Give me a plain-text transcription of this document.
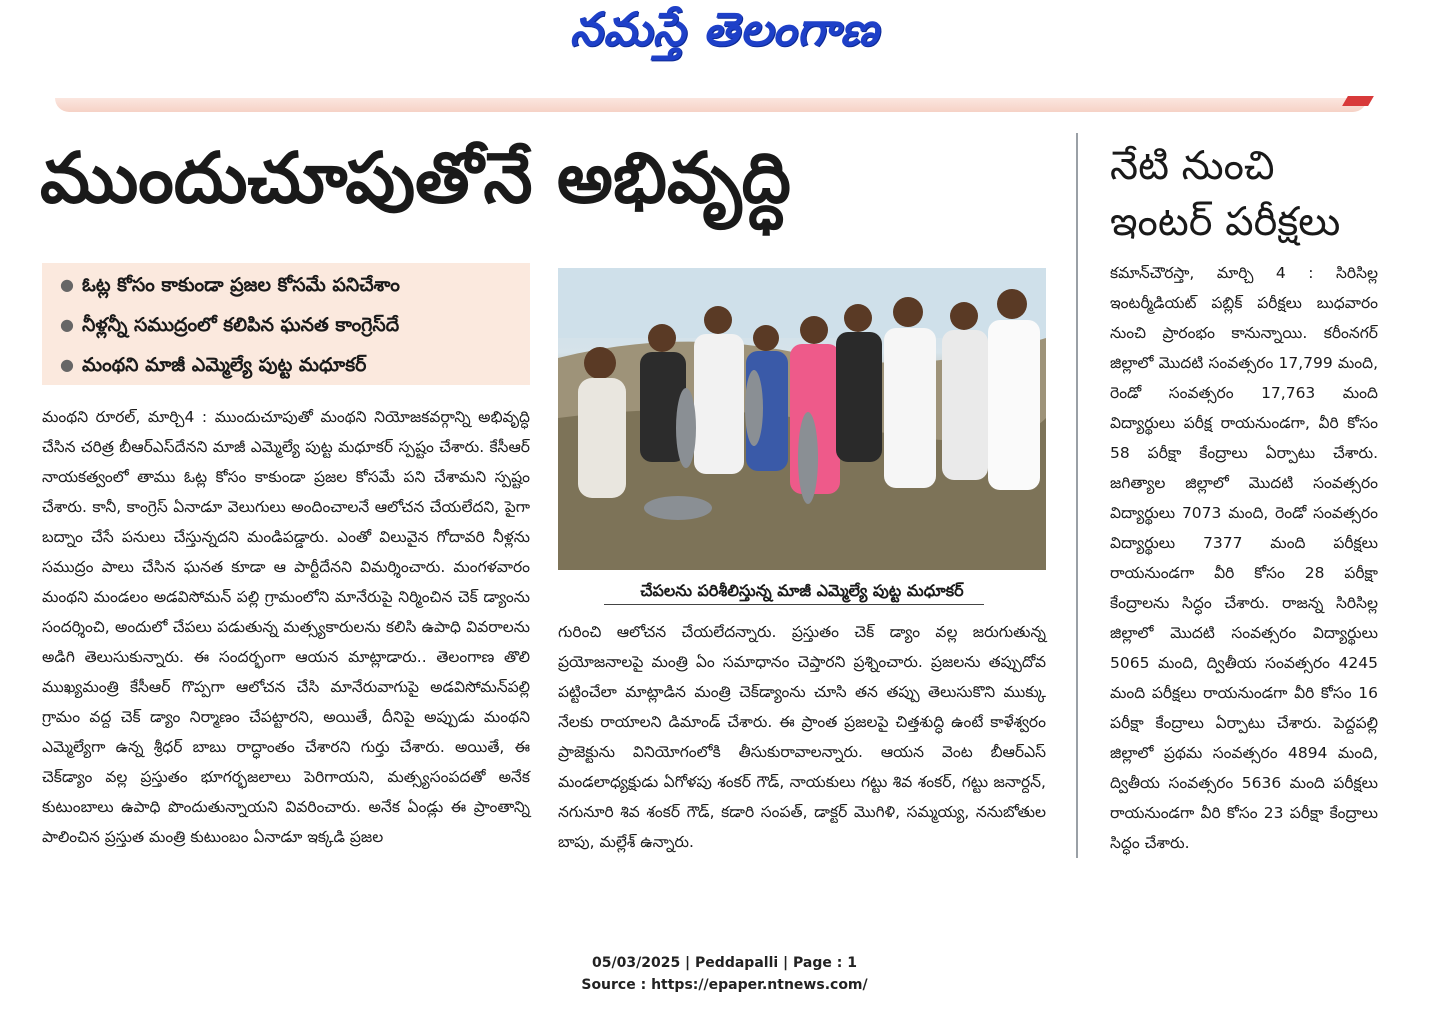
నమస్తే తెలంగాణ
ముందుచూపుతోనే అభివృద్ధి
● ఓట్ల కోసం కాకుండా ప్రజల కోసమే పనిచేశాం
● నీళ్లన్నీ సముద్రంలో కలిపిన ఘనత కాంగ్రెస్‌దే
● మంథని మాజీ ఎమ్మెల్యే పుట్ట మధూకర్
మంథని రూరల్, మార్చి4 : ముందుచూపుతో మంథని నియోజకవర్గాన్ని అభివృద్ధి చేసిన చరిత్ర బీఆర్‌ఎస్‌దేనని మాజీ ఎమ్మెల్యే పుట్ట మధూకర్ స్పష్టం చేశారు. కేసీఆర్ నాయకత్వంలో తాము ఓట్ల కోసం కాకుండా ప్రజల కోసమే పని చేశామని స్పష్టం చేశారు. కానీ, కాంగ్రెస్ ఏనాడూ వెలుగులు అందించాలనే ఆలోచన చేయలేదని, పైగా బద్నాం చేసే పనులు చేస్తున్నదని మండిపడ్డారు. ఎంతో విలువైన గోదావరి నీళ్లను సముద్రం పాలు చేసిన ఘనత కూడా ఆ పార్టీదేనని విమర్శించారు. మంగళవారం మంథని మండలం అడవిసోమన్ పల్లి గ్రామంలోని మానేరుపై నిర్మించిన చెక్ డ్యాంను సందర్శించి, అందులో చేపలు పడుతున్న మత్స్యకారులను కలిసి ఉపాధి వివరాలను అడిగి తెలుసుకున్నారు. ఈ సందర్భంగా ఆయన మాట్లాడారు.. తెలంగాణ తొలి ముఖ్యమంత్రి కేసీఆర్ గొప్పగా ఆలోచన చేసి మానేరువాగుపై అడవిసోమన్‌పల్లి గ్రామం వద్ద చెక్ డ్యాం నిర్మాణం చేపట్టారని, అయితే, దీనిపై అప్పుడు మంథని ఎమ్మెల్యేగా ఉన్న శ్రీధర్ బాబు రాద్ధాంతం చేశారని గుర్తు చేశారు. అయితే, ఈ చెక్‌డ్యాం వల్ల ప్రస్తుతం భూగర్భజలాలు పెరిగాయని, మత్స్యసంపదతో అనేక కుటుంబాలు ఉపాధి పొందుతున్నాయని వివరించారు. అనేక ఏండ్లు ఈ ప్రాంతాన్ని పాలించిన ప్రస్తుత మంత్రి కుటుంబం ఏనాడూ ఇక్కడి ప్రజల
చేపలను పరిశీలిస్తున్న మాజీ ఎమ్మెల్యే పుట్ట మధూకర్
గురించి ఆలోచన చేయలేదన్నారు. ప్రస్తుతం చెక్ డ్యాం వల్ల జరుగుతున్న ప్రయోజనాలపై మంత్రి ఏం సమాధానం చెప్తారని ప్రశ్నించారు. ప్రజలను తప్పుదోవ పట్టించేలా మాట్లాడిన మంత్రి చెక్‌డ్యాంను చూసి తన తప్పు తెలుసుకొని ముక్కు నేలకు రాయాలని డిమాండ్ చేశారు. ఈ ప్రాంత ప్రజలపై చిత్తశుద్ధి ఉంటే కాళేశ్వరం ప్రాజెక్టును వినియోగంలోకి తీసుకురావాలన్నారు. ఆయన వెంట బీఆర్‌ఎస్ మండలాధ్యక్షుడు ఏగోళపు శంకర్ గౌడ్, నాయకులు గట్టు శివ శంకర్, గట్టు జనార్దన్, నగునూరి శివ శంకర్ గౌడ్, కడారి సంపత్, డాక్టర్ మొగిళి, సమ్మయ్య, ననుబోతుల బాపు, మల్లేశ్ ఉన్నారు.
నేటి నుంచి
ఇంటర్ పరీక్షలు
కమాన్‌చౌరస్తా, మార్చి 4 : సిరిసిల్ల ఇంటర్మీడియట్ పబ్లిక్ పరీక్షలు బుధవారం నుంచి ప్రారంభం కానున్నాయి. కరీంనగర్ జిల్లాలో మొదటి సంవత్సరం 17,799 మంది, రెండో సంవత్సరం 17,763 మంది విద్యార్థులు పరీక్ష రాయనుండగా, వీరి కోసం 58 పరీక్షా కేంద్రాలు ఏర్పాటు చేశారు. జగిత్యాల జిల్లాలో మొదటి సంవత్సరం విద్యార్థులు 7073 మంది, రెండో సంవత్సరం విద్యార్థులు 7377 మంది పరీక్షలు రాయనుండగా వీరి కోసం 28 పరీక్షా కేంద్రాలను సిద్ధం చేశారు. రాజన్న సిరిసిల్ల జిల్లాలో మొదటి సంవత్సరం విద్యార్థులు 5065 మంది, ద్వితీయ సంవత్సరం 4245 మంది పరీక్షలు రాయనుండగా వీరి కోసం 16 పరీక్షా కేంద్రాలు ఏర్పాటు చేశారు. పెద్దపల్లి జిల్లాలో ప్రథమ సంవత్సరం 4894 మంది, ద్వితీయ సంవత్సరం 5636 మంది పరీక్షలు రాయనుండగా వీరి కోసం 23 పరీక్షా కేంద్రాలు సిద్ధం చేశారు.
05/03/2025 | Peddapalli | Page : 1
Source : https://epaper.ntnews.com/
